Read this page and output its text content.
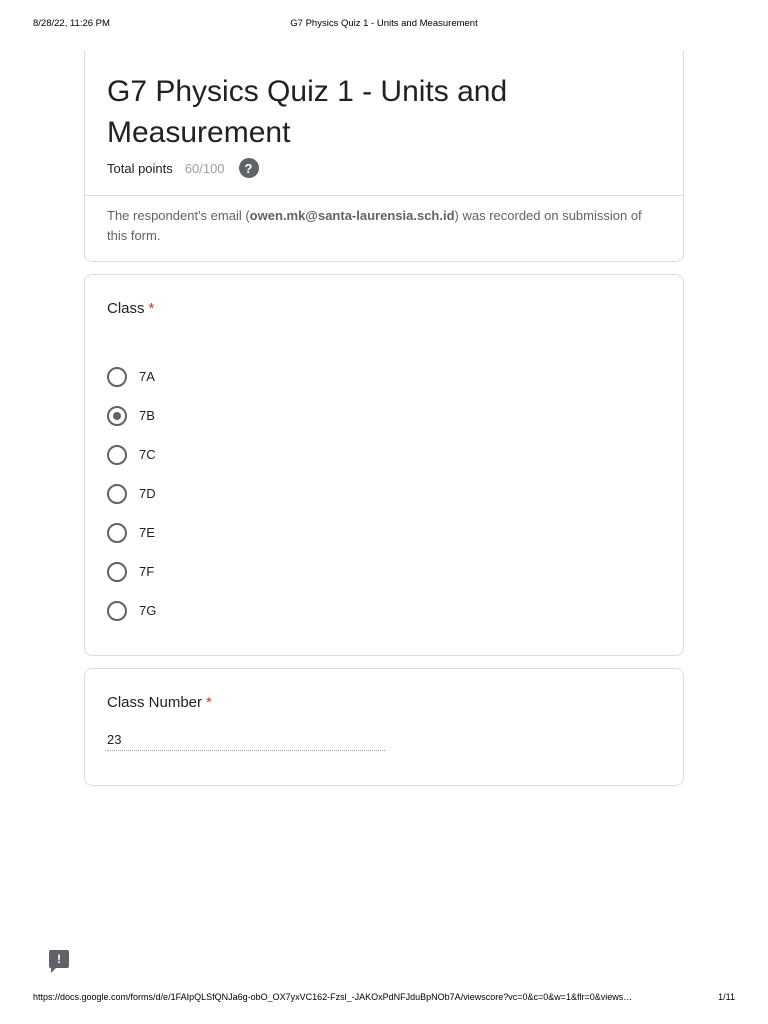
8/28/22, 11:26 PM	G7 Physics Quiz 1 - Units and Measurement
G7 Physics Quiz 1 - Units and Measurement
Total points 60/100	?
The respondent's email (owen.mk@santa-laurensia.sch.id) was recorded on submission of this form.
Class *
7A
7B
7C
7D
7E
7F
7G
Class Number *
23
!
https://docs.google.com/forms/d/e/1FAIpQLSfQNJa6g-obO_OX7yxVC162-Fzsl_-JAKOxPdNFJduBpNOb7A/viewscore?vc=0&c=0&w=1&flr=0&views…	1/11
